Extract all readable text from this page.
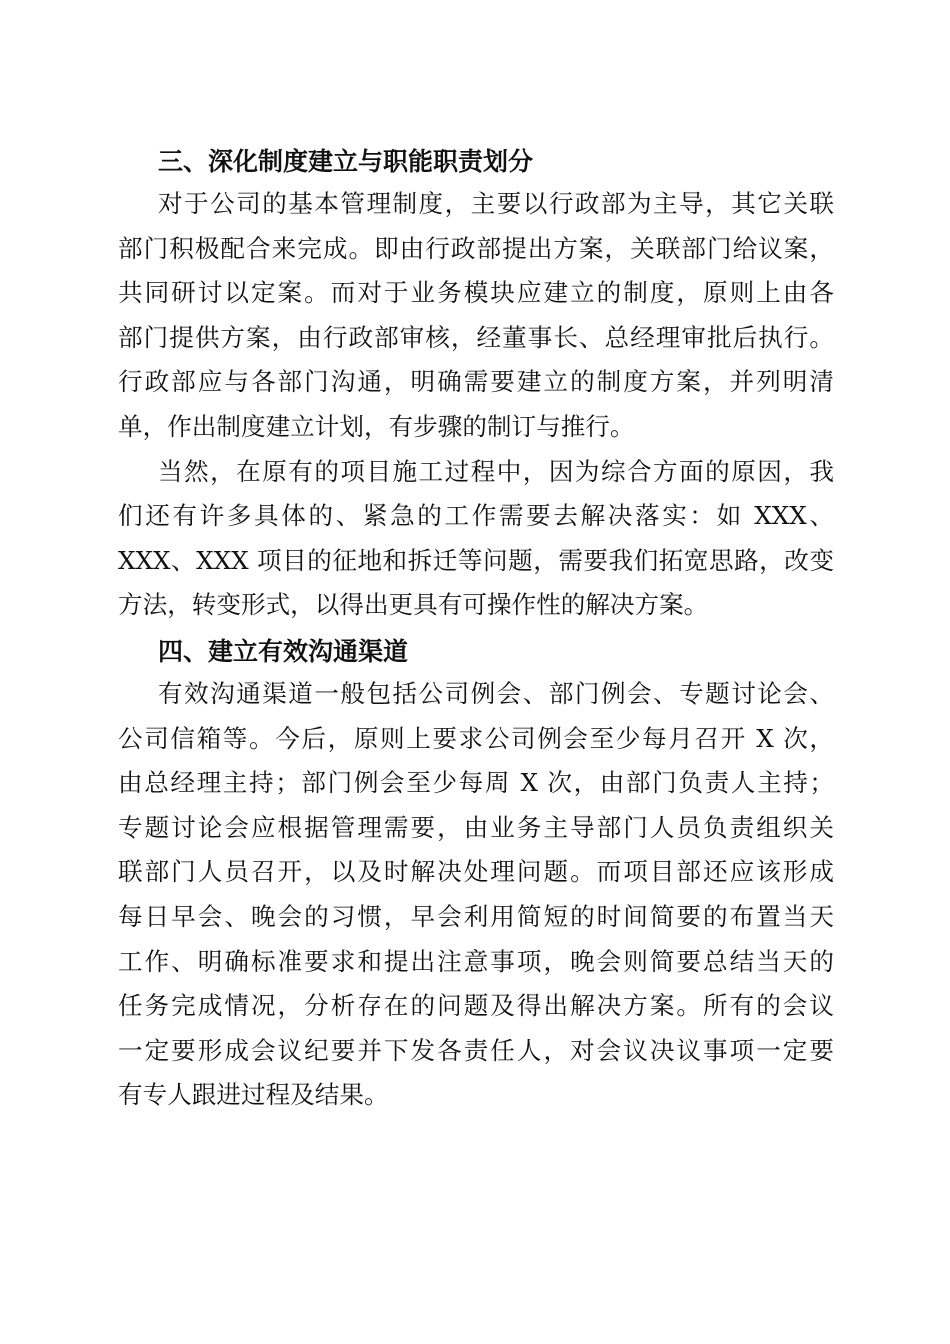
三、深化制度建立与职能职责划分

对于公司的基本管理制度，主要以行政部为主导，其它关联
部门积极配合来完成。即由行政部提出方案，关联部门给议案，
共同研讨以定案。而对于业务模块应建立的制度，原则上由各
部门提供方案，由行政部审核，经董事长、总经理审批后执行。
行政部应与各部门沟通，明确需要建立的制度方案，并列明清
单，作出制度建立计划，有步骤的制订与推行。

当然，在原有的项目施工过程中，因为综合方面的原因，我
们还有许多具体的、紧急的工作需要去解决落实：如 XXX、
XXX、XXX 项目的征地和拆迁等问题，需要我们拓宽思路，改变
方法，转变形式，以得出更具有可操作性的解决方案。

四、建立有效沟通渠道

有效沟通渠道一般包括公司例会、部门例会、专题讨论会、
公司信箱等。今后，原则上要求公司例会至少每月召开 X 次，
由总经理主持；部门例会至少每周 X 次，由部门负责人主持；
专题讨论会应根据管理需要，由业务主导部门人员负责组织关
联部门人员召开，以及时解决处理问题。而项目部还应该形成
每日早会、晚会的习惯，早会利用简短的时间简要的布置当天
工作、明确标准要求和提出注意事项，晚会则简要总结当天的
任务完成情况，分析存在的问题及得出解决方案。所有的会议
一定要形成会议纪要并下发各责任人，对会议决议事项一定要
有专人跟进过程及结果。
